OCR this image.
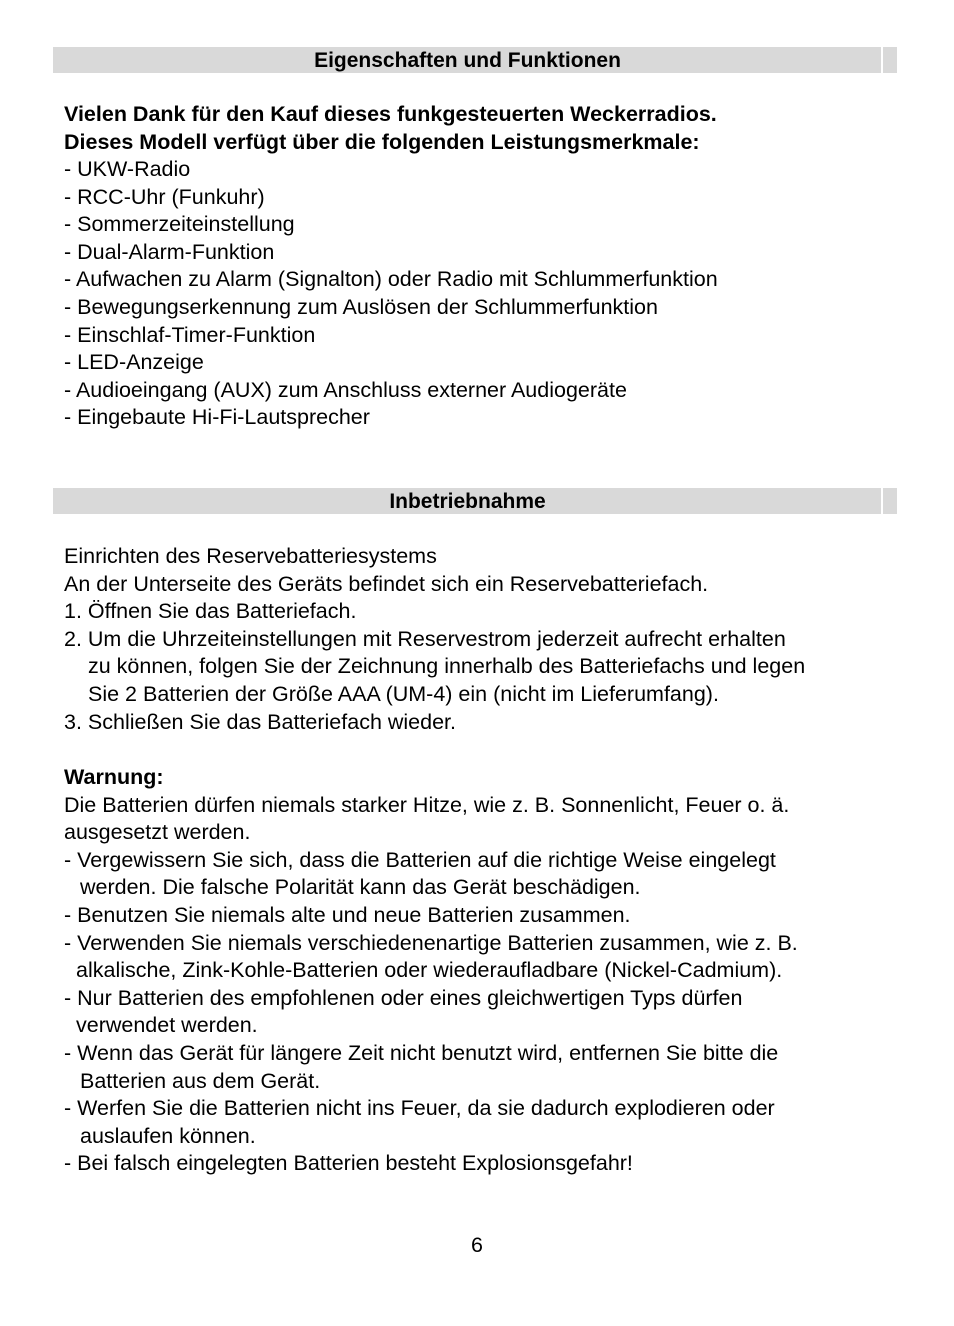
Eigenschaften und Funktionen
Vielen Dank für den Kauf dieses funkgesteuerten Weckerradios.
Dieses Modell verfügt über die folgenden Leistungsmerkmale:
- UKW-Radio
- RCC-Uhr (Funkuhr)
- Sommerzeiteinstellung
- Dual-Alarm-Funktion
- Aufwachen zu Alarm (Signalton) oder Radio mit Schlummerfunktion
- Bewegungserkennung zum Auslösen der Schlummerfunktion
- Einschlaf-Timer-Funktion
- LED-Anzeige
- Audioeingang (AUX) zum Anschluss externer Audiogeräte
- Eingebaute Hi-Fi-Lautsprecher
Inbetriebnahme
Einrichten des Reservebatteriesystems
An der Unterseite des Geräts befindet sich ein Reservebatteriefach.
1. Öffnen Sie das Batteriefach.
2. Um die Uhrzeiteinstellungen mit Reservestrom jederzeit aufrecht erhalten
zu können, folgen Sie der Zeichnung innerhalb des Batteriefachs und legen
Sie 2 Batterien der Größe AAA (UM-4) ein (nicht im Lieferumfang).
3. Schließen Sie das Batteriefach wieder.
Warnung:
Die Batterien dürfen niemals starker Hitze, wie z. B. Sonnenlicht, Feuer o. ä.
ausgesetzt werden.
- Vergewissern Sie sich, dass die Batterien auf die richtige Weise eingelegt
werden. Die falsche Polarität kann das Gerät beschädigen.
- Benutzen Sie niemals alte und neue Batterien zusammen.
- Verwenden Sie niemals verschiedenenartige Batterien zusammen, wie z. B.
alkalische, Zink-Kohle-Batterien oder wiederaufladbare (Nickel-Cadmium).
- Nur Batterien des empfohlenen oder eines gleichwertigen Typs dürfen
verwendet werden.
- Wenn das Gerät für längere Zeit nicht benutzt wird, entfernen Sie bitte die
Batterien aus dem Gerät.
- Werfen Sie die Batterien nicht ins Feuer, da sie dadurch explodieren oder
auslaufen können.
- Bei falsch eingelegten Batterien besteht Explosionsgefahr!
6
